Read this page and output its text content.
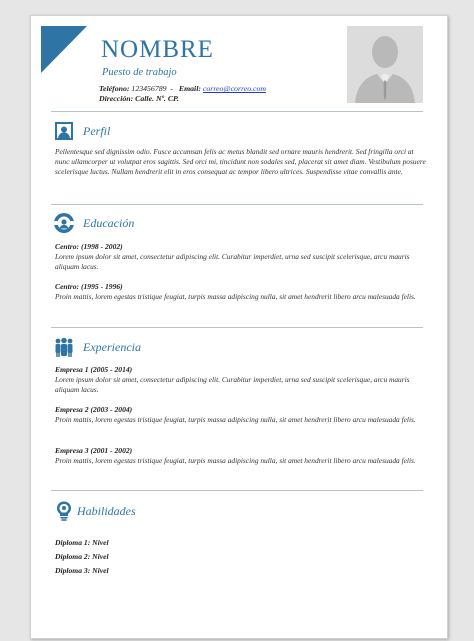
NOMBRE
Puesto de trabajo
Teléfono: 123456789  -   Email: correo@correo.com
Dirección: Calle. Nº. CP.
Perfil
Pellentesque sed dignissim odio. Fusce accumsan felis ac metus blandit sed ornare mauris hendrerit. Sed fringilla orci at nunc ullamcorper ut volutpat eros sagittis. Sed orci mi, tincidunt non sodales sed, placerat sit amet diam. Vestibulum posuere scelerisque luctus. Nullam hendrerit elit in eros consequat ac tempor libero ultrices. Suspendisse vitae convallis ante.
Educación
Centro: (1998 - 2002)
Lorem ipsum dolor sit amet, consectetur adipiscing elit. Curabitur imperdiet, urna sed suscipit scelerisque, arcu mauris aliquam lacus.
Centro: (1995 - 1996)
Proin mattis, lorem egestas tristique feugiat, turpis massa adipiscing nulla, sit amet hendrerit libero arcu malesuada felis.
Experiencia
Empresa 1 (2005 - 2014)
Lorem ipsum dolor sit amet, consectetur adipiscing elit. Curabitur imperdiet, urna sed suscipit scelerisque, arcu mauris aliquam lacus.
Empresa 2 (2003 - 2004)
Proin mattis, lorem egestas tristique feugiat, turpis massa adipiscing nulla, sit amet hendrerit libero arcu malesuada felis.
Empresa 3 (2001 - 2002)
Proin mattis, lorem egestas tristique feugiat, turpis massa adipiscing nulla, sit amet hendrerit libero arcu malesuada felis.
Habilidades
Diploma 1: Nivel
Diploma 2: Nivel
Diploma 3: Nivel
